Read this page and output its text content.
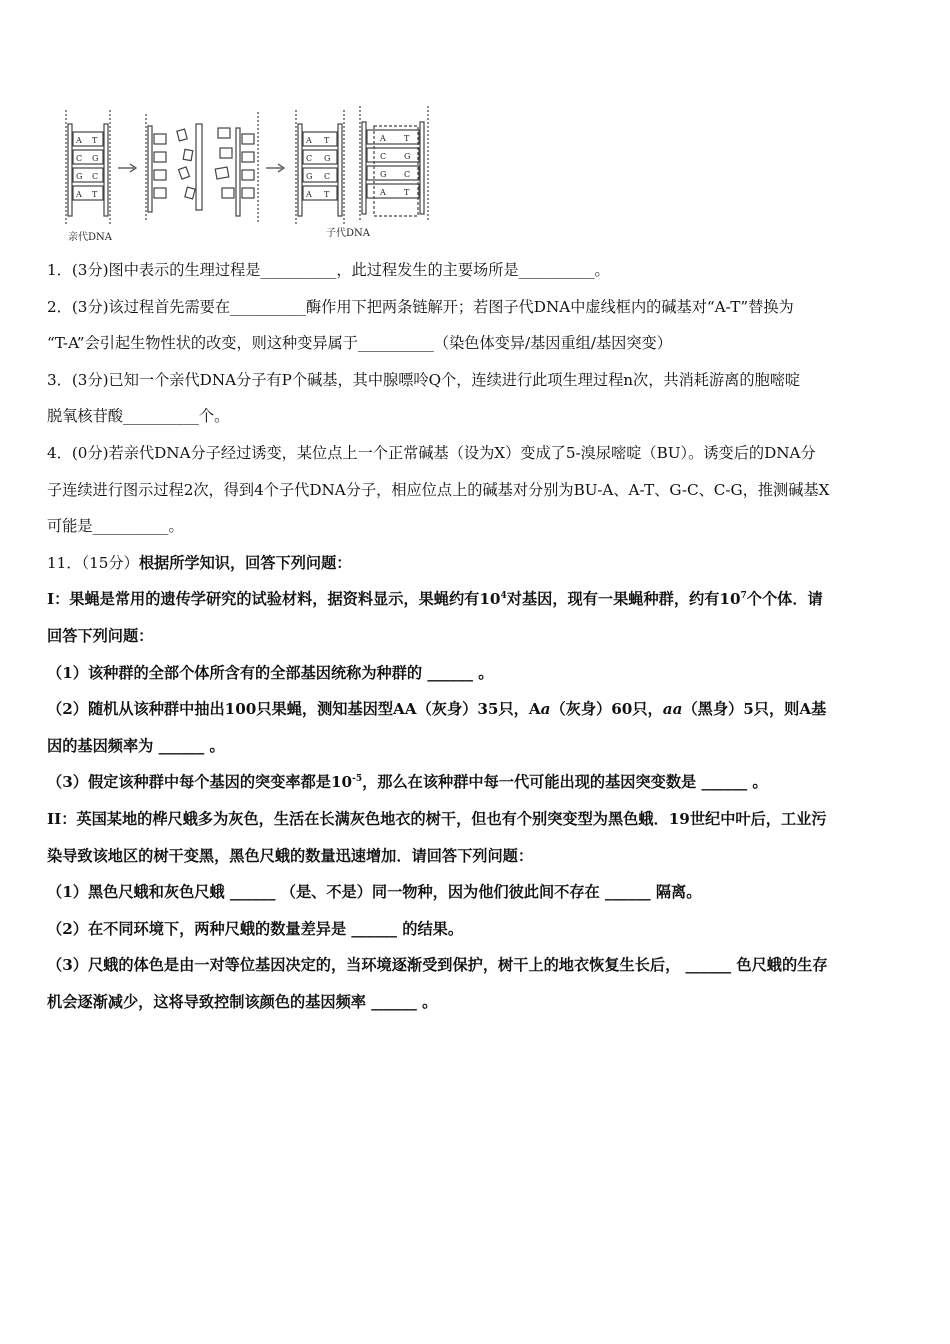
A T
C G
G C
A T
A T
C G
G C
A T
A T
C G
G C
A T
亲代DNA	子代DNA
1．(3分)图中表示的生理过程是__________，此过程发生的主要场所是__________。
2．(3分)该过程首先需要在__________酶作用下把两条链解开；若图子代DNA中虚线框内的碱基对“A-T”替换为
“T-A”会引起生物性状的改变，则这种变异属于__________（染色体变异/基因重组/基因突变）
3．(3分)已知一个亲代DNA分子有P个碱基，其中腺嘌呤Q个，连续进行此项生理过程n次，共消耗游离的胞嘧啶
脱氧核苷酸__________个。
4．(0分)若亲代DNA分子经过诱变，某位点上一个正常碱基（设为X）变成了5-溴尿嘧啶（BU）。诱变后的DNA分
子连续进行图示过程2次，得到4个子代DNA分子，相应位点上的碱基对分别为BU-A、A-T、G-C、C-G，推测碱基X
可能是__________。
11．（15分）根据所学知识，回答下列问题：
I：果蝇是常用的遗传学研究的试验材料，据资料显示，果蝇约有$10^4$对基因，现有一果蝇种群，约有$10^7$个个体．请
回答下列问题：
（1）该种群的全部个体所含有的全部基因统称为种群的 ______ 。
（2）随机从该种群中抽出100只果蝇，测知基因型AA（灰身）35只，Aa（灰身）60只，aa（黑身）5只，则A基
因的基因频率为 ______ 。
（3）假定该种群中每个基因的突变率都是$10^{-5}$，那么在该种群中每一代可能出现的基因突变数是 ______ 。
II：英国某地的桦尺蛾多为灰色，生活在长满灰色地衣的树干，但也有个别突变型为黑色蛾．19世纪中叶后，工业污
染导致该地区的树干变黑，黑色尺蛾的数量迅速增加．请回答下列问题：
（1）黑色尺蛾和灰色尺蛾 ______ （是、不是）同一物种，因为他们彼此间不存在 ______ 隔离。
（2）在不同环境下，两种尺蛾的数量差异是 ______ 的结果。
（3）尺蛾的体色是由一对等位基因决定的，当环境逐渐受到保护，树干上的地衣恢复生长后， ______ 色尺蛾的生存
机会逐渐减少，这将导致控制该颜色的基因频率 ______ 。
